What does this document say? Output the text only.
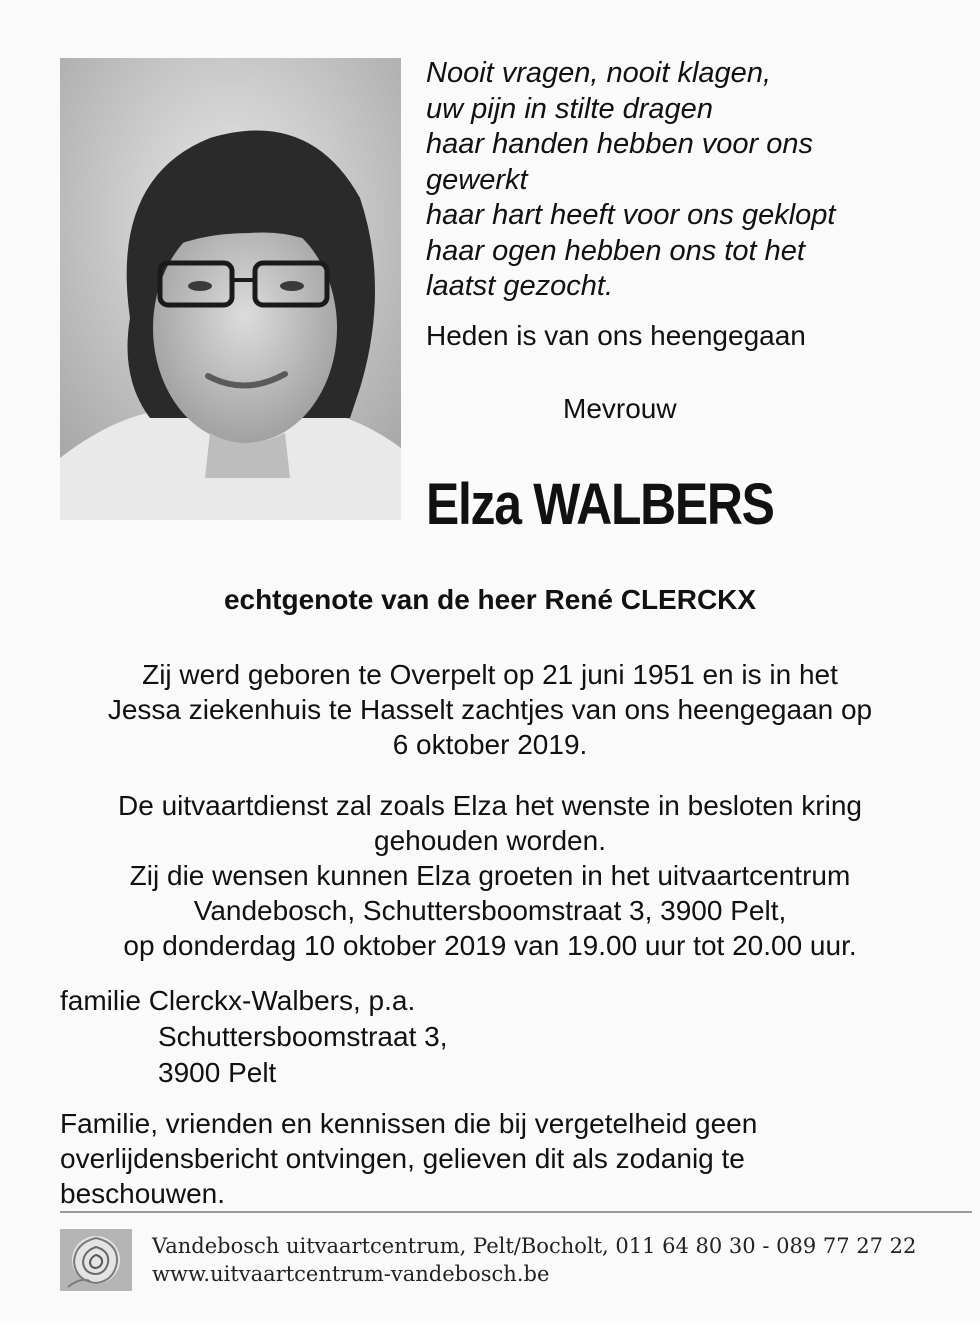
Nooit vragen, nooit klagen,
uw pijn in stilte dragen
haar handen hebben voor ons
gewerkt
haar hart heeft voor ons geklopt
haar ogen hebben ons tot het
laatst gezocht.
Heden is van ons heengegaan
Mevrouw
Elza WALBERS
echtgenote van de heer René CLERCKX
Zij werd geboren te Overpelt op 21 juni 1951 en is in het
Jessa ziekenhuis te Hasselt zachtjes van ons heengegaan op
6 oktober 2019.
De uitvaartdienst zal zoals Elza het wenste in besloten kring
gehouden worden.
Zij die wensen kunnen Elza groeten in het uitvaartcentrum
Vandebosch, Schuttersboomstraat 3, 3900 Pelt,
op donderdag 10 oktober 2019 van 19.00 uur tot 20.00 uur.
familie Clerckx-Walbers, p.a.
Schuttersboomstraat 3,
3900 Pelt
Familie, vrienden en kennissen die bij vergetelheid geen
overlijdensbericht ontvingen, gelieven dit als zodanig te
beschouwen.
Vandebosch uitvaartcentrum, Pelt/Bocholt, 011 64 80 30 - 089 77 27 22
www.uitvaartcentrum-vandebosch.be
